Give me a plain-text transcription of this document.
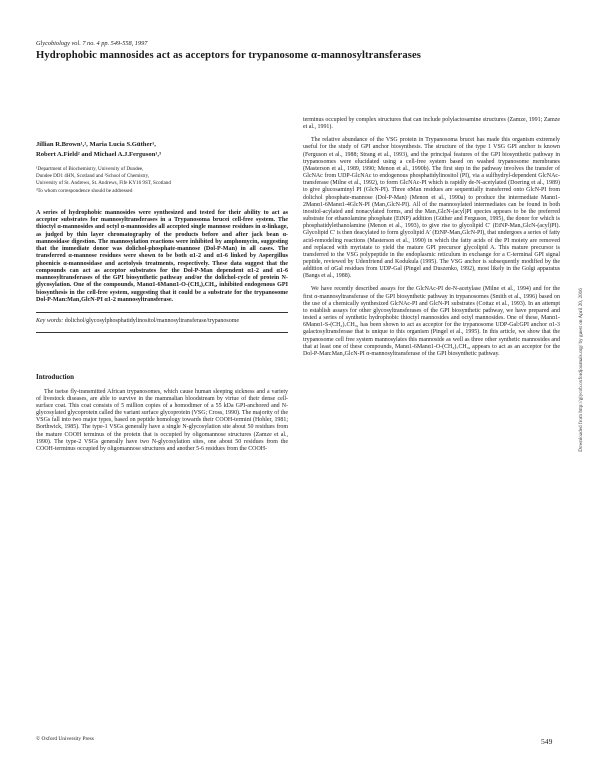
Glycobiology vol. 7 no. 4 pp. 549-558, 1997
Hydrophobic mannosides act as acceptors for trypanosome α-mannosyltransferases
Jillian R.Brown¹,², Maria Lucia S.Güther¹,
Robert A.Field² and Michael A.J.Ferguson¹,³
¹Department of Biochemistry, University of Dundee,
Dundee DD1 4HN, Scotland and ²School of Chemistry,
University of St. Andrews, St. Andrews, Fife KY16 9ST, Scotland
³To whom correspondence should be addressed
A series of hydrophobic mannosides were synthesized and tested for their ability to act as acceptor substrates for mannosyltransferases in a Trypanosoma brucei cell-free system. The thioctyl α-mannosides and octyl α-mannosides all accepted single mannose residues in α-linkage, as judged by thin layer chromatography of the products before and after jack bean α-mannosidase digestion. The mannosylation reactions were inhibited by amphomycin, suggesting that the immediate donor was dolichol-phosphate-mannose (Dol-P-Man) in all cases. The transferred α-mannose residues were shown to be both α1-2 and α1-6 linked by Aspergillus phoenicis α-mannosidase and acetolysis treatments, respectively. These data suggest that the compounds can act as acceptor substrates for the Dol-P-Man dependent α1-2 and α1-6 mannosyltransferases of the GPI biosynthetic pathway and/or the dolichol-cycle of protein N-glycosylation. One of the compounds, Manα1-6Manα1-O-(CH₂)₇CH₃, inhibited endogenous GPI biosynthesis in the cell-free system, suggesting that it could be a substrate for the trypanosome Dol-P-Man:Man₂GlcN-PI α1-2 mannosyltransferase.
Key words: dolichol/glycosylphosphatidylinositol/mannosyltransferase/trypanosome
Introduction
The tsetse fly-transmitted African trypanosomes, which cause human sleeping sickness and a variety of livestock diseases, are able to survive in the mammalian bloodstream by virtue of their dense cell-surface coat. This coat consists of 5 million copies of a homodimer of a 55 kDa GPI-anchored and N-glycosylated glycoprotein called the variant surface glycoprotein (VSG; Cross, 1990). The majority of the VSGs fall into two major types, based on peptide homology towards their COOH-termini (Hohler, 1981; Borthwick, 1985). The type-1 VSGs generally have a single N-glycosylation site about 50 residues from the mature COOH terminus of the protein that is occupied by oligomannose structures (Zamze et al., 1990). The type-2 VSGs generally have two N-glycosylation sites, one about 50 residues from the COOH-terminus occupied by oligomannose structures and another 5-6 residues from the COOH-
terminus occupied by complex structures that can include polylactosamine structures (Zamze, 1991; Zamze et al., 1991).
The relative abundance of the VSG protein in Trypanosoma brucei has made this organism extremely useful for the study of GPI anchor biosynthesis. The structure of the type 1 VSG GPI anchor is known (Ferguson et al., 1988; Strang et al., 1993), and the principal features of the GPI biosynthetic pathway in trypanosomes were elucidated using a cell-free system based on washed trypanosome membranes (Masterson et al., 1989, 1990; Menon et al., 1990b). The first step in the pathway involves the transfer of GlcNAc from UDP-GlcNAc to endogenous phosphatidylinositol (PI), via a sulfhydryl-dependent GlcNAc-transferase (Milne et al., 1992), to form GlcNAc-PI which is rapidly de-N-acetylated (Doering et al., 1989) to give glucosaminyl PI (GlcN-PI). Three αMan residues are sequentially transferred onto GlcN-PI from dolichol phosphate-mannose (Dol-P-Man) (Menon et al., 1990a) to produce the intermediate Manα1-2Manα1-6Manα1-4GlcN-PI (Man₃GlcN-PI). All of the mannosylated intermediates can be found in both inositol-acylated and nonacylated forms, and the Man₃GlcN-(acyl)PI species appears to be the preferred substrate for ethanolamine phosphate (EtNP) addition (Güther and Ferguson, 1995), the donor for which is phosphatidylethanolamine (Menon et al., 1993), to give rise to glycolipid C′ (EtNP-Man₃GlcN-(acyl)PI). Glycolipid C′ is then deacylated to form glycolipid A′ (EtNP-Man₃GlcN-PI), that undergoes a series of fatty acid-remodeling reactions (Masterson et al., 1990) in which the fatty acids of the PI moiety are removed and replaced with myristate to yield the mature GPI precursor glycolipid A. This mature precursor is transferred to the VSG polypeptide in the endoplasmic reticulum in exchange for a C-terminal GPI signal peptide, reviewed by Udenfriend and Kodukula (1995). The VSG anchor is subsequently modified by the addition of αGal residues from UDP-Gal (Pingel and Duszenko, 1992), most likely in the Golgi apparatus (Bangs et al., 1988).
We have recently described assays for the GlcNAc-PI de-N-acetylase (Milne et al., 1994) and for the first α-mannosyltransferase of the GPI biosynthetic pathway in trypanosomes (Smith et al., 1996) based on the use of a chemically synthesized GlcNAc-PI and GlcN-PI substrates (Cottaz et al., 1993). In an attempt to establish assays for other glycosyltransferases of the GPI biosynthetic pathway, we have prepared and tested a series of synthetic hydrophobic thioctyl mannosides and octyl mannosides. One of these, Manα1-6Manα1-S-(CH₂)₇CH₃, has been shown to act as acceptor for the trypanosome UDP-Gal:GPI anchor α1-3 galactosyltransferase that is unique to this organism (Pingel et al., 1995). In this article, we show that the trypanosome cell free system mannosylates this mannoside as well as three other synthetic mannosides and that at least one of these compounds, Manα1-6Manα1-O-(CH₂)₇CH₃, appears to act as an acceptor for the Dol-P-Man:Man₂GlcN-PI α-mannosyltransferase of the GPI biosynthetic pathway.
© Oxford University Press	549
Downloaded from http://glycob.oxfordjournals.org/ by guest on April 20, 2016
